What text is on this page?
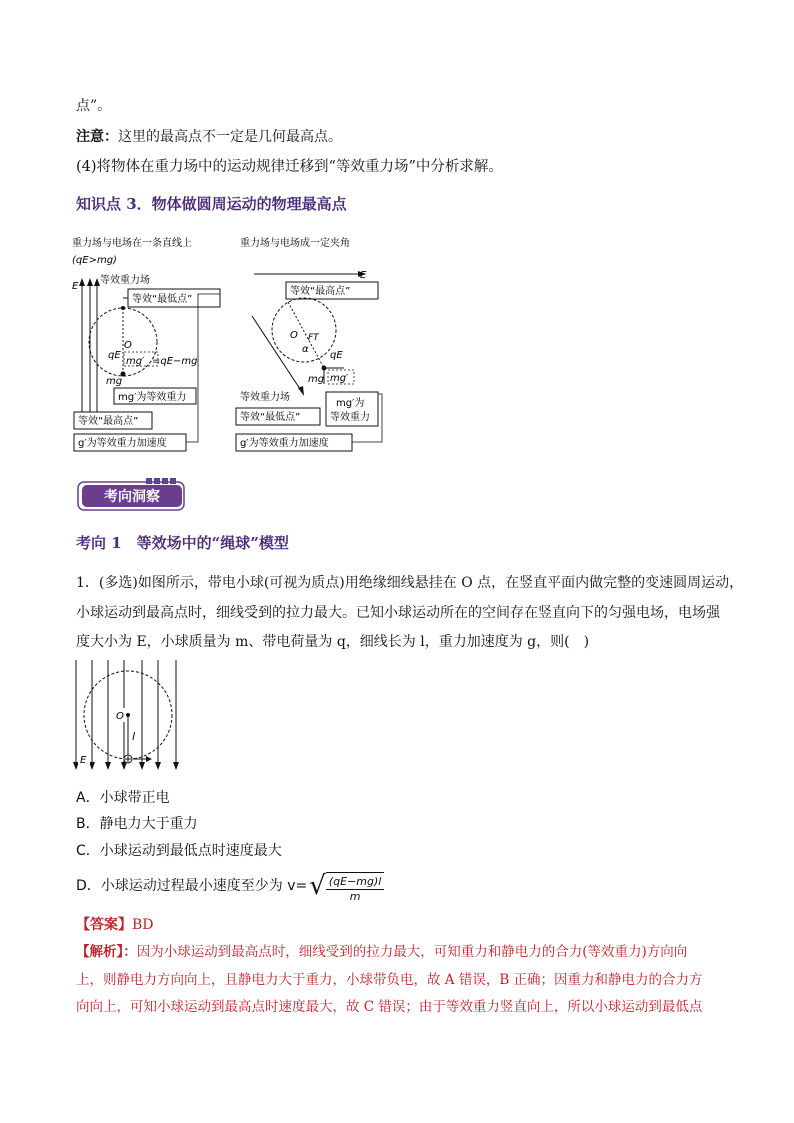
点”。
注意：这里的最高点不一定是几何最高点。
(4)将物体在重力场中的运动规律迁移到“等效重力场”中分析求解。
知识点 3．物体做圆周运动的物理最高点
重力场与电场在一条直线上
(qE>mg)
E
等效重力场
等效“最低点”
O
qE
mg′ =qE−mg
mg
mg′为等效重力
等效“最高点”
g′为等效重力加速度
重力场与电场成一定夹角
E
等效“最高点”
O FT
α
qE
mg mg′
等效重力场
等效“最低点”
mg′为
等效重力
g′为等效重力加速度
考向洞察
考向 1　等效场中的“绳球”模型
1．(多选)如图所示，带电小球(可视为质点)用绝缘细线悬挂在 O 点，在竖直平面内做完整的变速圆周运动，
小球运动到最高点时，细线受到的拉力最大。已知小球运动所在的空间存在竖直向下的匀强电场，电场强
度大小为 E，小球质量为 m、带电荷量为 q，细线长为 l，重力加速度为 g，则(　)
O
l
E
A．小球带正电
B．静电力大于重力
C．小球运动到最低点时速度最大
D．小球运动过程最小速度至少为 v= √ $\frac{(qE-mg)l}{m}$
【答案】BD
【解析】：因为小球运动到最高点时，细线受到的拉力最大，可知重力和静电力的合力(等效重力)方向向
上，则静电力方向向上，且静电力大于重力，小球带负电，故 A 错误，B 正确；因重力和静电力的合力方
向向上，可知小球运动到最高点时速度最大，故 C 错误；由于等效重力竖直向上，所以小球运动到最低点
